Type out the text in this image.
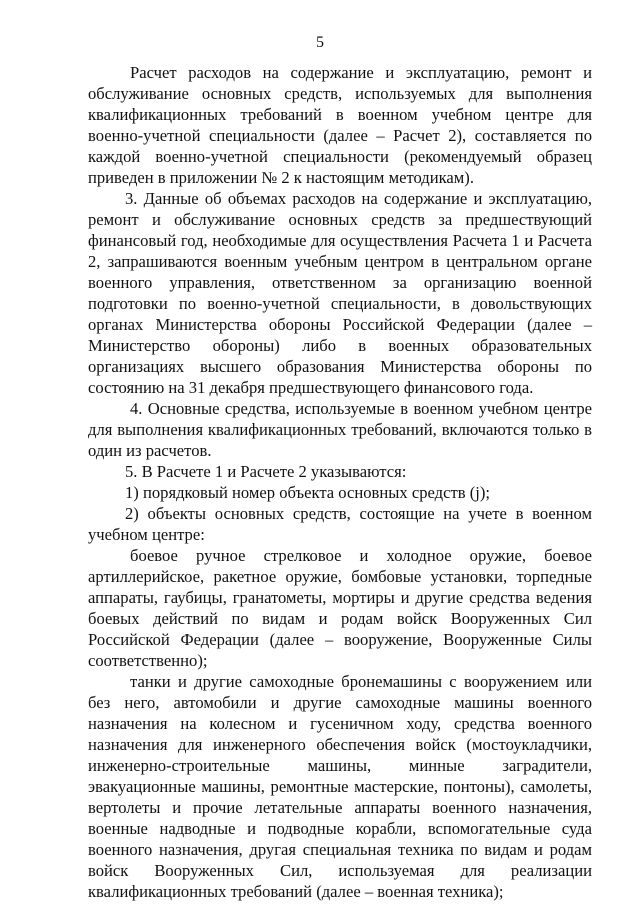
5

Расчет расходов на содержание и эксплуатацию, ремонт и обслуживание основных средств, используемых для выполнения квалификационных требований в военном учебном центре для военно-учетной специальности (далее – Расчет 2), составляется по каждой военно-учетной специальности (рекомендуемый образец приведен в приложении № 2 к настоящим методикам).

3. Данные об объемах расходов на содержание и эксплуатацию, ремонт и обслуживание основных средств за предшествующий финансовый год, необходимые для осуществления Расчета 1 и Расчета 2, запрашиваются военным учебным центром в центральном органе военного управления, ответственном за организацию военной подготовки по военно-учетной специальности, в довольствующих органах Министерства обороны Российской Федерации (далее – Министерство обороны) либо в военных образовательных организациях высшего образования Министерства обороны по состоянию на 31 декабря предшествующего финансового года.

4. Основные средства, используемые в военном учебном центре для выполнения квалификационных требований, включаются только в один из расчетов.

5. В Расчете 1 и Расчете 2 указываются:

1) порядковый номер объекта основных средств (j);

2) объекты основных средств, состоящие на учете в военном учебном центре:

боевое ручное стрелковое и холодное оружие, боевое артиллерийское, ракетное оружие, бомбовые установки, торпедные аппараты, гаубицы, гранатометы, мортиры и другие средства ведения боевых действий по видам и родам войск Вооруженных Сил Российской Федерации (далее – вооружение, Вооруженные Силы соответственно);

танки и другие самоходные бронемашины с вооружением или без него, автомобили и другие самоходные машины военного назначения на колесном и гусеничном ходу, средства военного назначения для инженерного обеспечения войск (мостоукладчики, инженерно-строительные машины, минные заградители, эвакуационные машины, ремонтные мастерские, понтоны), самолеты, вертолеты и прочие летательные аппараты военного назначения, военные надводные и подводные корабли, вспомогательные суда военного назначения, другая специальная техника по видам и родам войск Вооруженных Сил, используемая для реализации квалификационных требований (далее – военная техника);
